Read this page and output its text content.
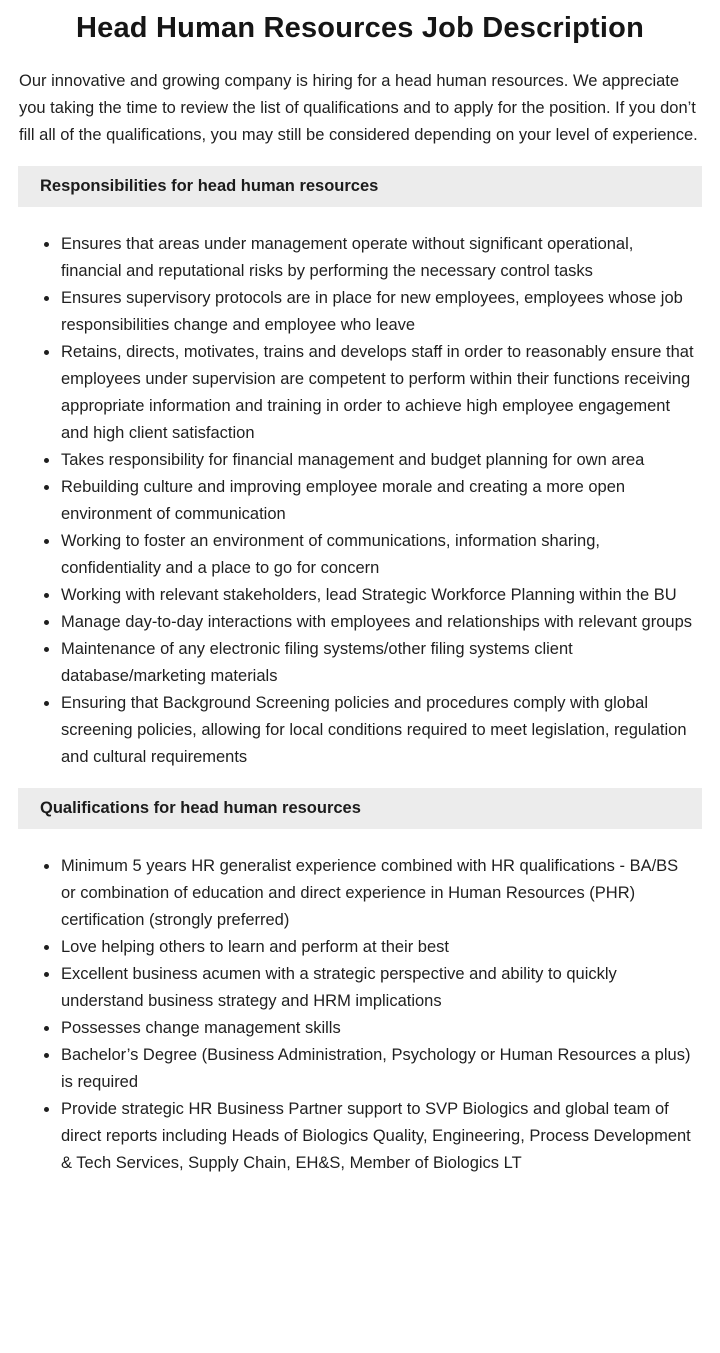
Head Human Resources Job Description

Our innovative and growing company is hiring for a head human resources. We appreciate you taking the time to review the list of qualifications and to apply for the position. If you don’t fill all of the qualifications, you may still be considered depending on your level of experience.

Responsibilities for head human resources
Ensures that areas under management operate without significant operational, financial and reputational risks by performing the necessary control tasks
Ensures supervisory protocols are in place for new employees, employees whose job responsibilities change and employee who leave
Retains, directs, motivates, trains and develops staff in order to reasonably ensure that employees under supervision are competent to perform within their functions receiving appropriate information and training in order to achieve high employee engagement and high client satisfaction
Takes responsibility for financial management and budget planning for own area
Rebuilding culture and improving employee morale and creating a more open environment of communication
Working to foster an environment of communications, information sharing, confidentiality and a place to go for concern
Working with relevant stakeholders, lead Strategic Workforce Planning within the BU
Manage day-to-day interactions with employees and relationships with relevant groups
Maintenance of any electronic filing systems/other filing systems client database/marketing materials
Ensuring that Background Screening policies and procedures comply with global screening policies, allowing for local conditions required to meet legislation, regulation and cultural requirements
Qualifications for head human resources
Minimum 5 years HR generalist experience combined with HR qualifications - BA/BS or combination of education and direct experience in Human Resources (PHR) certification (strongly preferred)
Love helping others to learn and perform at their best
Excellent business acumen with a strategic perspective and ability to quickly understand business strategy and HRM implications
Possesses change management skills
Bachelor’s Degree (Business Administration, Psychology or Human Resources a plus) is required
Provide strategic HR Business Partner support to SVP Biologics and global team of direct reports including Heads of Biologics Quality, Engineering, Process Development & Tech Services, Supply Chain, EH&S, Member of Biologics LT
